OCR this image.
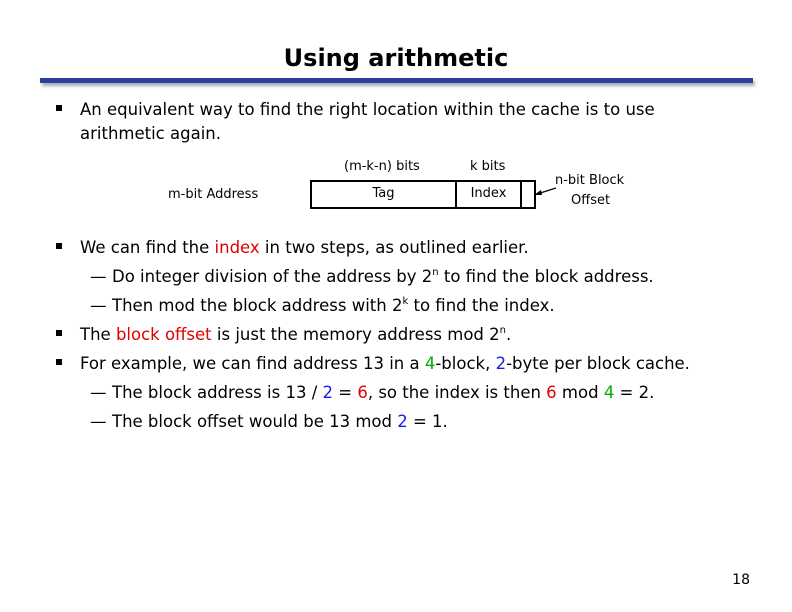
Using arithmetic
An equivalent way to find the right location within the cache is to use
arithmetic again.
(m-k-n) bits	k bits
m-bit Address	Tag	Index
n-bit Block
Offset
We can find the index in two steps, as outlined earlier.
— Do integer division of the address by 2$^n$ to find the block address.
— Then mod the block address with 2$^k$ to find the index.
The block offset is just the memory address mod 2$^n$.
For example, we can find address 13 in a 4-block, 2-byte per block cache.
— The block address is 13 / 2 = 6, so the index is then 6 mod 4 = 2.
— The block offset would be 13 mod 2 = 1.
18
